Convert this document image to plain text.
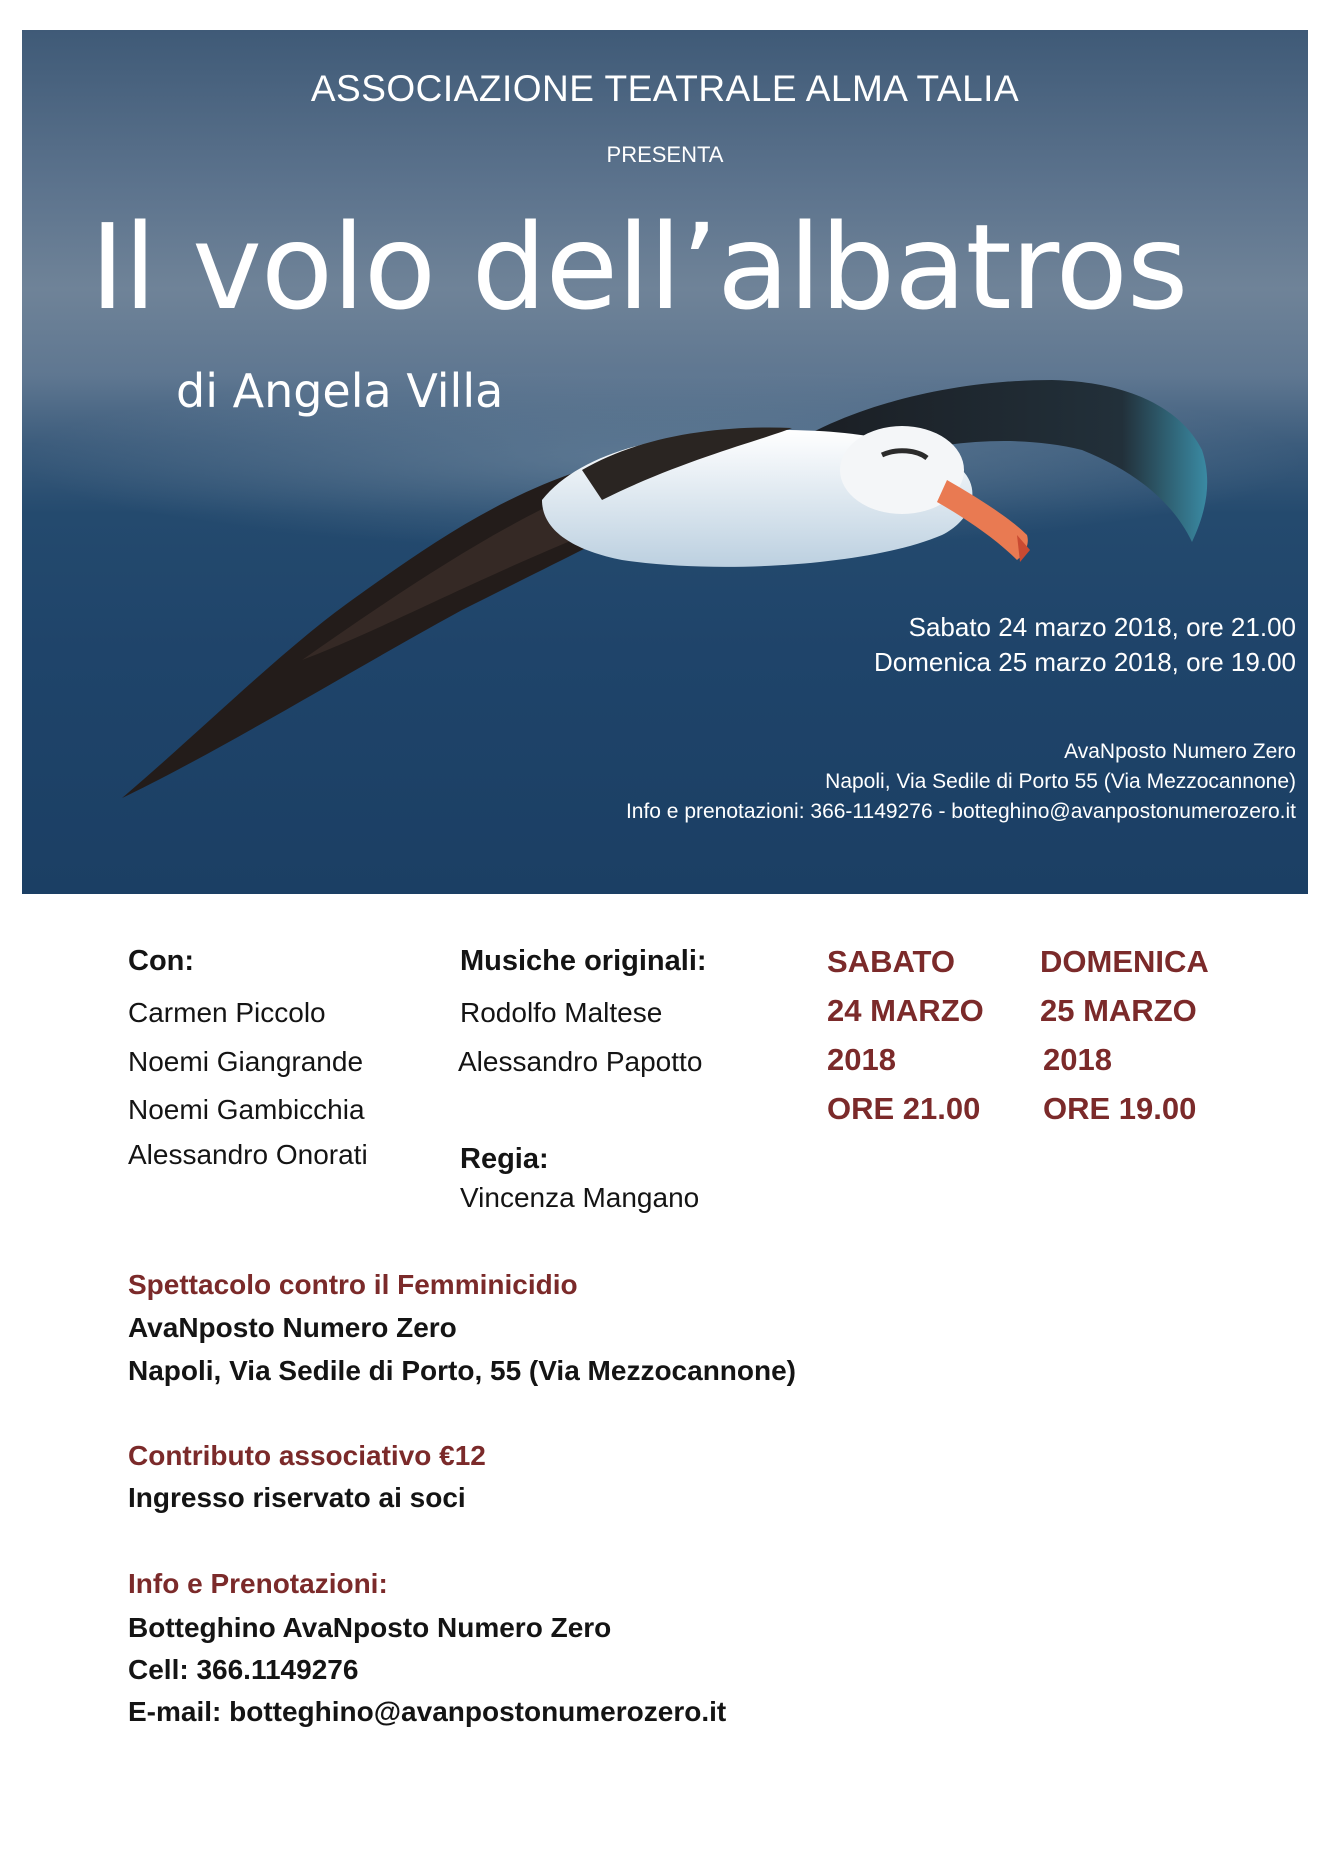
ASSOCIAZIONE TEATRALE ALMA TALIA
PRESENTA
Il volo dell’albatros
di Angela Villa
Sabato 24 marzo 2018, ore 21.00
Domenica 25 marzo 2018, ore 19.00
AvaNposto Numero Zero
Napoli, Via Sedile di Porto 55 (Via Mezzocannone)
Info e prenotazioni: 366-1149276 - botteghino@avanpostonumerozero.it
Con:
Carmen Piccolo
Noemi Giangrande
Noemi Gambicchia
Alessandro Onorati
Musiche originali:
Rodolfo Maltese
Alessandro Papotto
Regia:
Vincenza Mangano
SABATO
24 MARZO
2018
ORE 21.00
DOMENICA
25 MARZO
2018
ORE 19.00
Spettacolo contro il Femminicidio
AvaNposto Numero Zero
Napoli, Via Sedile di Porto, 55 (Via Mezzocannone)
Contributo associativo €12
Ingresso riservato ai soci
Info e Prenotazioni:
Botteghino AvaNposto Numero Zero
Cell: 366.1149276
E-mail: botteghino@avanpostonumerozero.it
